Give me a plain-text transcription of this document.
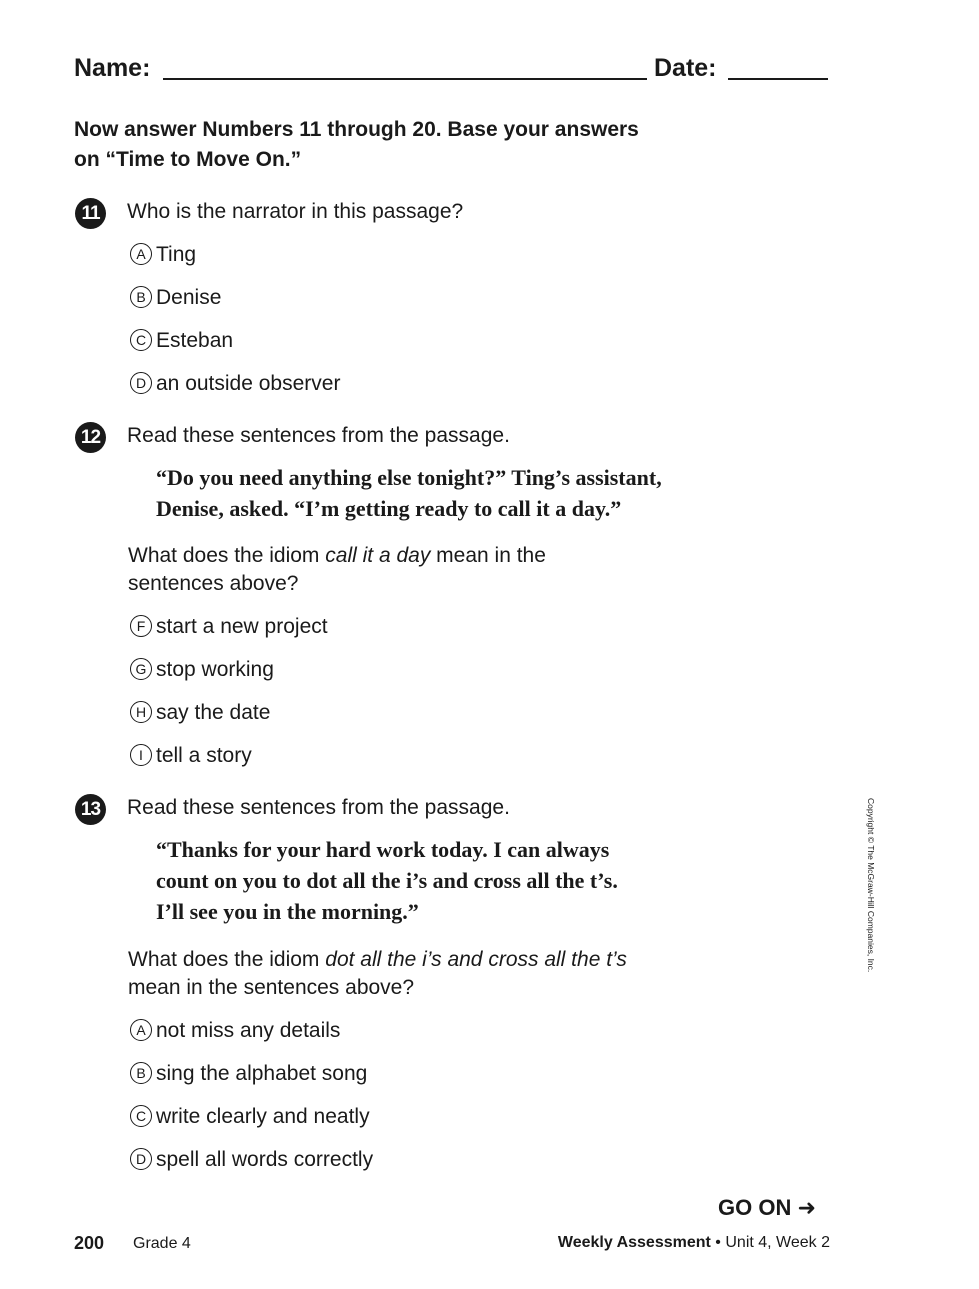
Name:	Date:
Now answer Numbers 11 through 20. Base your answers
on “Time to Move On.”
11	Who is the narrator in this passage?
A Ting
B Denise
C Esteban
D an outside observer
12 Read these sentences from the passage.
“Do you need anything else tonight?” Ting’s assistant,
Denise, asked. “I’m getting ready to call it a day.”
What does the idiom call it a day mean in the
sentences above?
F start a new project
G stop working
H say the date
I tell a story
13 Read these sentences from the passage.
“Thanks for your hard work today. I can always
count on you to dot all the i’s and cross all the t’s.
I’ll see you in the morning.”
What does the idiom dot all the i’s and cross all the t’s
mean in the sentences above?
A not miss any details
B sing the alphabet song
C write clearly and neatly
D spell all words correctly
Copyright © The McGraw-Hill Companies, Inc.
GO ON ➜
200 Grade 4	Weekly Assessment • Unit 4, Week 2
